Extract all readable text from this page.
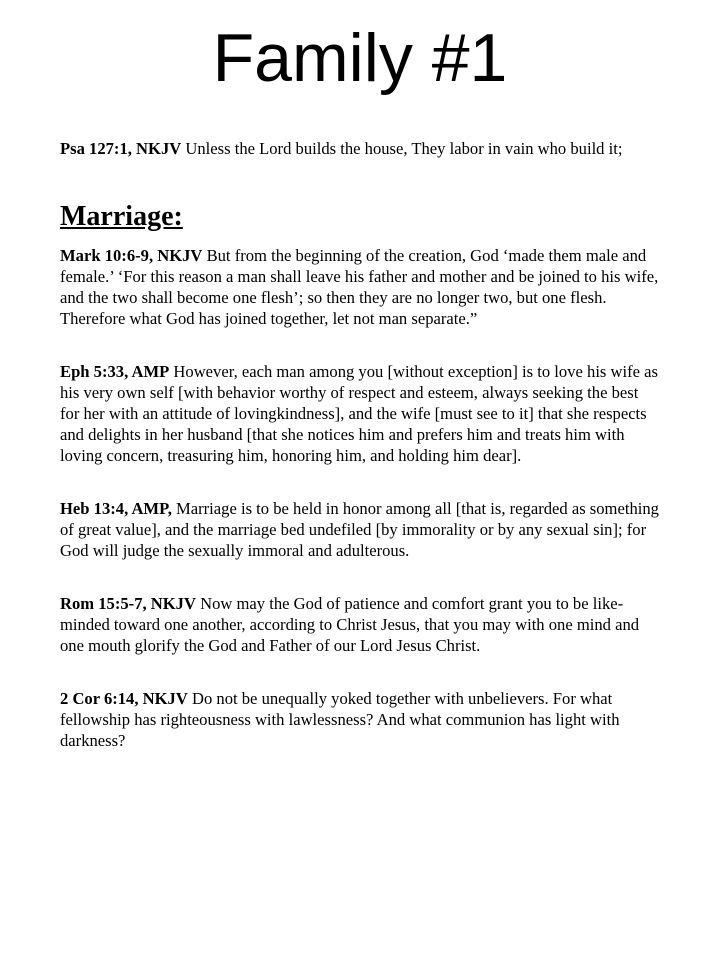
Family #1

Psa 127:1, NKJV Unless the Lord builds the house, They labor in vain who build it;

Marriage:

Mark 10:6-9, NKJV But from the beginning of the creation, God ‘made them male and female.’ ‘For this reason a man shall leave his father and mother and be joined to his wife, and the two shall become one flesh’; so then they are no longer two, but one flesh. Therefore what God has joined together, let not man separate.”

Eph 5:33, AMP However, each man among you [without exception] is to love his wife as his very own self [with behavior worthy of respect and esteem, always seeking the best for her with an attitude of lovingkindness], and the wife [must see to it] that she respects and delights in her husband [that she notices him and prefers him and treats him with loving concern, treasuring him, honoring him, and holding him dear].

Heb 13:4, AMP, Marriage is to be held in honor among all [that is, regarded as something of great value], and the marriage bed undefiled [by immorality or by any sexual sin]; for God will judge the sexually immoral and adulterous.

Rom 15:5-7, NKJV Now may the God of patience and comfort grant you to be like-minded toward one another, according to Christ Jesus, that you may with one mind and one mouth glorify the God and Father of our Lord Jesus Christ.

2 Cor 6:14, NKJV Do not be unequally yoked together with unbelievers. For what fellowship has righteousness with lawlessness? And what communion has light with darkness?
